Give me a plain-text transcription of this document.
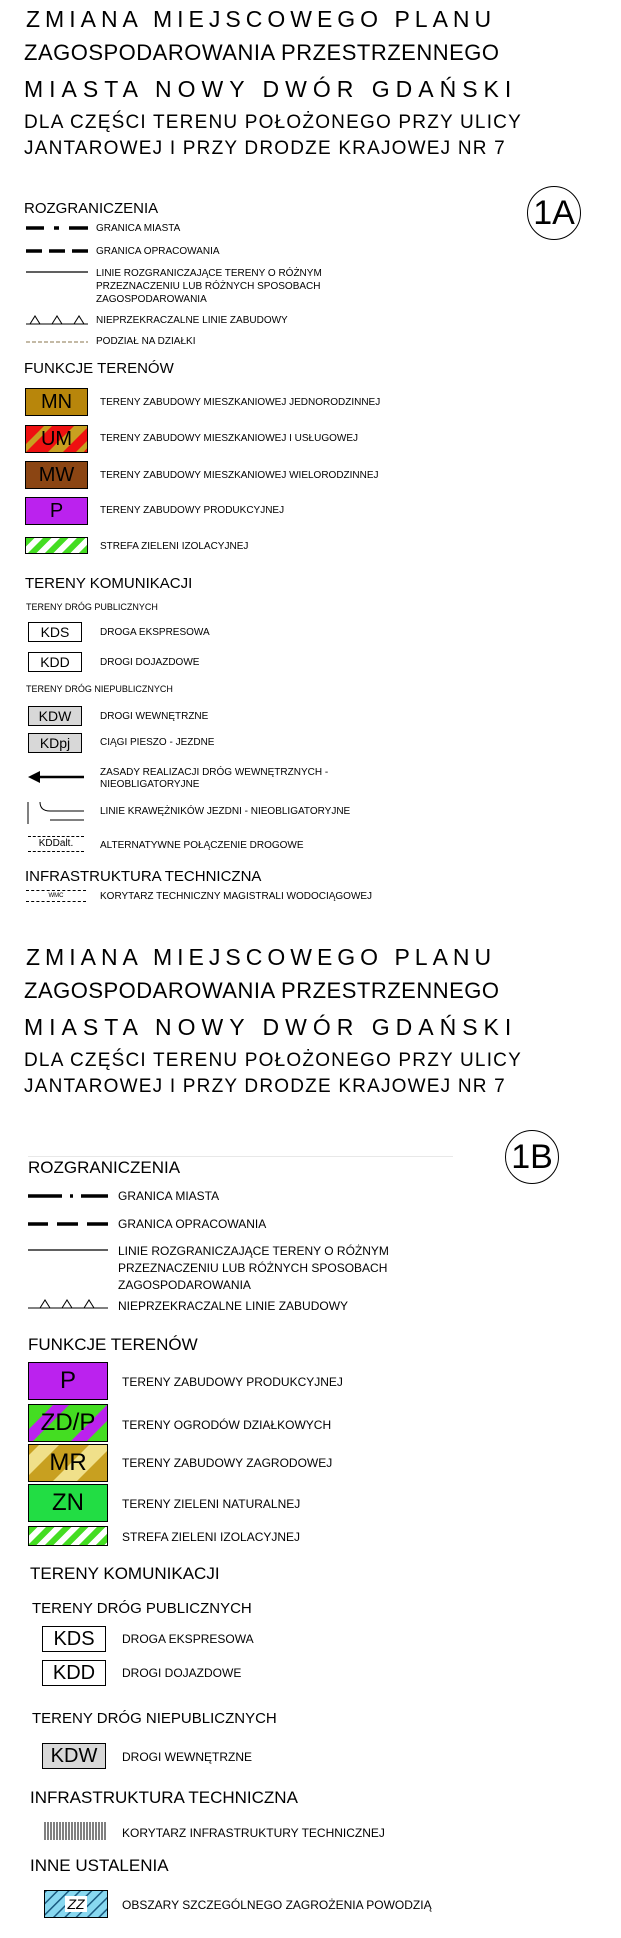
ZMIANA MIEJSCOWEGO PLANU
ZAGOSPODAROWANIA PRZESTRZENNEGO
MIASTA NOWY DWÓR GDAŃSKI
DLA CZĘŚCI TERENU POŁOŻONEGO PRZY ULICY
JANTAROWEJ I PRZY DRODZE KRAJOWEJ NR 7
1A
ROZGRANICZENIA
GRANICA MIASTA
GRANICA OPRACOWANIA
LINIE ROZGRANICZAJĄCE TERENY O RÓŻNYM
PRZEZNACZENIU LUB RÓŻNYCH SPOSOBACH
ZAGOSPODAROWANIA
NIEPRZEKRACZALNE LINIE ZABUDOWY
PODZIAŁ NA DZIAŁKI
FUNKCJE TERENÓW
MN	TERENY ZABUDOWY MIESZKANIOWEJ JEDNORODZINNEJ
UM	TERENY ZABUDOWY MIESZKANIOWEJ I USŁUGOWEJ
MW	TERENY ZABUDOWY MIESZKANIOWEJ WIELORODZINNEJ
P	TERENY ZABUDOWY PRODUKCYJNEJ
STREFA ZIELENI IZOLACYJNEJ
TERENY KOMUNIKACJI
TERENY DRÓG PUBLICZNYCH
KDS	DROGA EKSPRESOWA
KDD	DROGI DOJAZDOWE
TERENY DRÓG NIEPUBLICZNYCH
KDW	DROGI WEWNĘTRZNE
KDpj	CIĄGI PIESZO - JEZDNE
ZASADY REALIZACJI DRÓG WEWNĘTRZNYCH -
NIEOBLIGATORYJNE
LINIE KRAWĘŻNIKÓW JEZDNI - NIEOBLIGATORYJNE
KDDalt.	ALTERNATYWNE POŁĄCZENIE DROGOWE
INFRASTRUKTURA TECHNICZNA
WMC	KORYTARZ TECHNICZNY MAGISTRALI WODOCIĄGOWEJ
ZMIANA MIEJSCOWEGO PLANU
ZAGOSPODAROWANIA PRZESTRZENNEGO
MIASTA NOWY DWÓR GDAŃSKI
DLA CZĘŚCI TERENU POŁOŻONEGO PRZY ULICY
JANTAROWEJ I PRZY DRODZE KRAJOWEJ NR 7
1B
ROZGRANICZENIA
GRANICA MIASTA
GRANICA OPRACOWANIA
LINIE ROZGRANICZAJĄCE TERENY O RÓŻNYM
PRZEZNACZENIU LUB RÓŻNYCH SPOSOBACH
ZAGOSPODAROWANIA
NIEPRZEKRACZALNE LINIE ZABUDOWY
FUNKCJE TERENÓW
P	TERENY ZABUDOWY PRODUKCYJNEJ
ZD/P TERENY OGRODÓW DZIAŁKOWYCH
MR	TERENY ZABUDOWY ZAGRODOWEJ
ZN	TERENY ZIELENI NATURALNEJ
STREFA ZIELENI IZOLACYJNEJ
TERENY KOMUNIKACJI
TERENY DRÓG PUBLICZNYCH
KDS	DROGA EKSPRESOWA
KDD	DROGI DOJAZDOWE
TERENY DRÓG NIEPUBLICZNYCH
KDW	DROGI WEWNĘTRZNE
INFRASTRUKTURA TECHNICZNA
KORYTARZ INFRASTRUKTURY TECHNICZNEJ
INNE USTALENIA
ZZ	OBSZARY SZCZEGÓLNEGO ZAGROŻENIA POWODZIĄ
